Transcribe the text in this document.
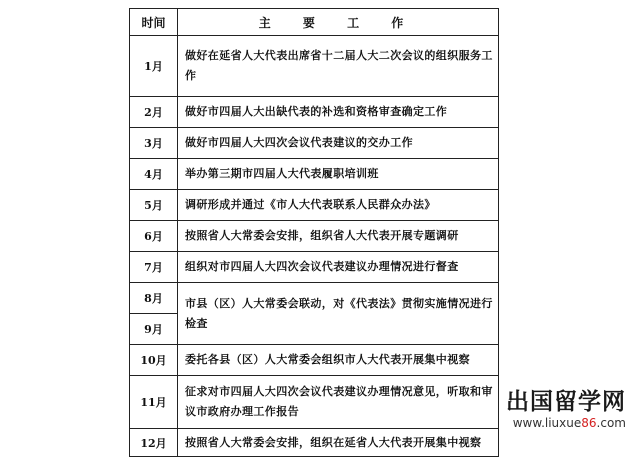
时间	主 要 工 作
1月	做好在延省人大代表出席省十二届人大二次会议的组织服务工作
2月	做好市四届人大出缺代表的补选和资格审查确定工作
3月	做好市四届人大四次会议代表建议的交办工作
4月	举办第三期市四届人大代表履职培训班
5月	调研形成并通过《市人大代表联系人民群众办法》
6月	按照省人大常委会安排，组织省人大代表开展专题调研
7月	组织对市四届人大四次会议代表建议办理情况进行督查
8月	市县（区）人大常委会联动，对《代表法》贯彻实施情况进行检查
9月	
10月	委托各县（区）人大常委会组织市人大代表开展集中视察
11月	征求对市四届人大四次会议代表建议办理情况意见，听取和审议市政府办理工作报告
12月	按照省人大常委会安排，组织在延省人大代表开展集中视察
出国留学网
www.liuxue86.com
